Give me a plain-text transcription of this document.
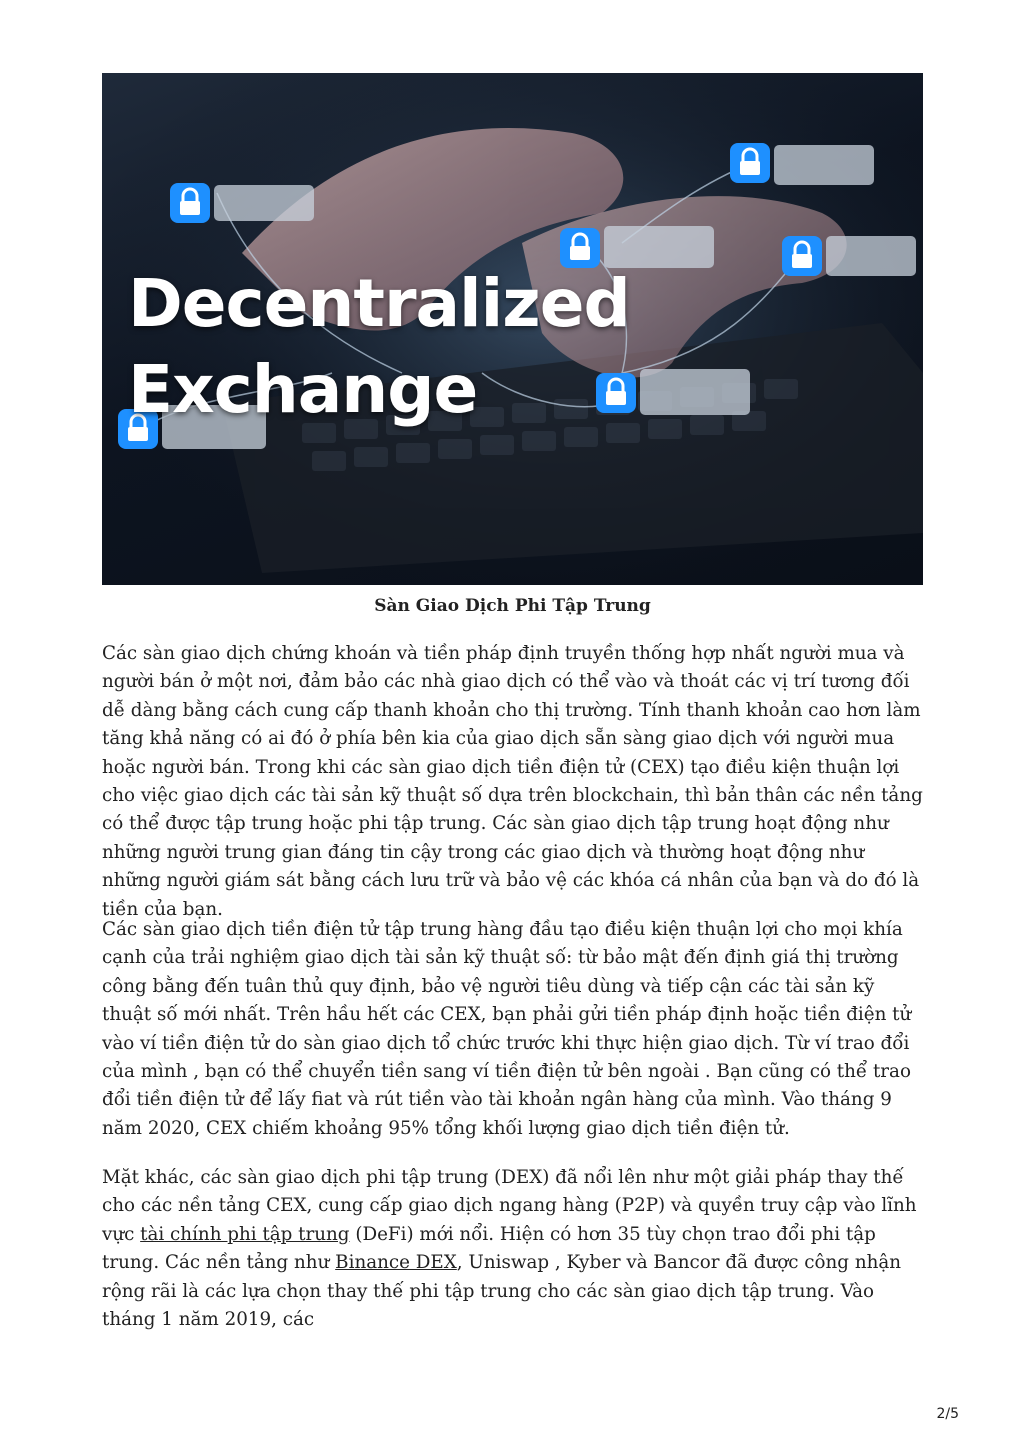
Decentralized
Exchange
Sàn Giao Dịch Phi Tập Trung

Các sàn giao dịch chứng khoán và tiền pháp định truyền thống hợp nhất người mua và người bán ở một nơi, đảm bảo các nhà giao dịch có thể vào và thoát các vị trí tương đối dễ dàng bằng cách cung cấp thanh khoản cho thị trường. Tính thanh khoản cao hơn làm tăng khả năng có ai đó ở phía bên kia của giao dịch sẵn sàng giao dịch với người mua hoặc người bán. Trong khi các sàn giao dịch tiền điện tử (CEX) tạo điều kiện thuận lợi cho việc giao dịch các tài sản kỹ thuật số dựa trên blockchain, thì bản thân các nền tảng có thể được tập trung hoặc phi tập trung. Các sàn giao dịch tập trung hoạt động như những người trung gian đáng tin cậy trong các giao dịch và thường hoạt động như những người giám sát bằng cách lưu trữ và bảo vệ các khóa cá nhân của bạn và do đó là tiền của bạn.

Các sàn giao dịch tiền điện tử tập trung hàng đầu tạo điều kiện thuận lợi cho mọi khía cạnh của trải nghiệm giao dịch tài sản kỹ thuật số: từ bảo mật đến định giá thị trường công bằng đến tuân thủ quy định, bảo vệ người tiêu dùng và tiếp cận các tài sản kỹ thuật số mới nhất. Trên hầu hết các CEX, bạn phải gửi tiền pháp định hoặc tiền điện tử vào ví tiền điện tử do sàn giao dịch tổ chức trước khi thực hiện giao dịch. Từ ví trao đổi của mình , bạn có thể chuyển tiền sang ví tiền điện tử bên ngoài . Bạn cũng có thể trao đổi tiền điện tử để lấy fiat và rút tiền vào tài khoản ngân hàng của mình. Vào tháng 9 năm 2020, CEX chiếm khoảng 95% tổng khối lượng giao dịch tiền điện tử.

Mặt khác, các sàn giao dịch phi tập trung (DEX) đã nổi lên như một giải pháp thay thế cho các nền tảng CEX, cung cấp giao dịch ngang hàng (P2P) và quyền truy cập vào lĩnh vực tài chính phi tập trung (DeFi) mới nổi. Hiện có hơn 35 tùy chọn trao đổi phi tập trung. Các nền tảng như Binance DEX, Uniswap , Kyber và Bancor đã được công nhận rộng rãi là các lựa chọn thay thế phi tập trung cho các sàn giao dịch tập trung. Vào tháng 1 năm 2019, các

2/5
